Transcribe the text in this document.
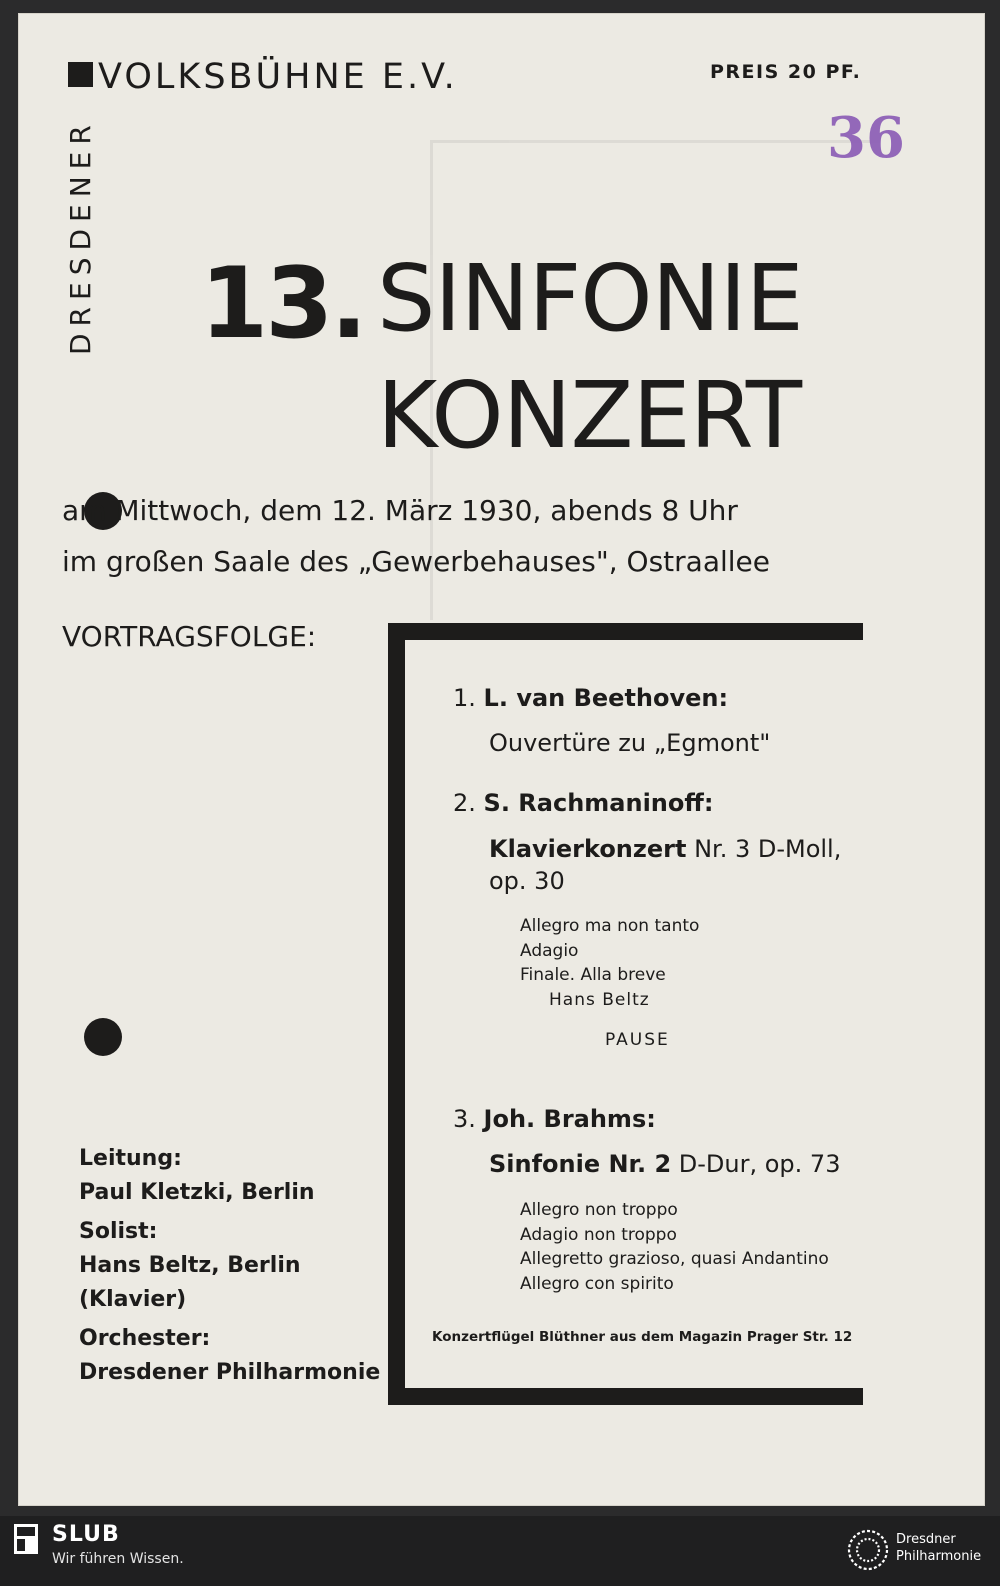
DRESDENER
VOLKSBÜHNE E.V.	PREIS 20 PF.
36
13. SINFONIE
KONZERT
am Mittwoch, dem 12. März 1930, abends 8 Uhr
im großen Saale des „Gewerbehauses", Ostraallee
VORTRAGSFOLGE:
Leitung:
Paul Kletzki, Berlin
Solist:
Hans Beltz, Berlin
(Klavier)
Orchester:
Dresdener Philharmonie
1. L. van Beethoven:
Ouvertüre zu „Egmont"
2. S. Rachmaninoff:
Klavierkonzert Nr. 3 D-Moll,
op. 30
Allegro ma non tanto
Adagio
Finale. Alla breve
Hans Beltz
PAUSE
3. Joh. Brahms:
Sinfonie Nr. 2 D-Dur, op. 73
Allegro non troppo
Adagio non troppo
Allegretto grazioso, quasi Andantino
Allegro con spirito
Konzertflügel Blüthner aus dem Magazin Prager Str. 12
SLUB
Wir führen Wissen.
Dresdner
Philharmonie
